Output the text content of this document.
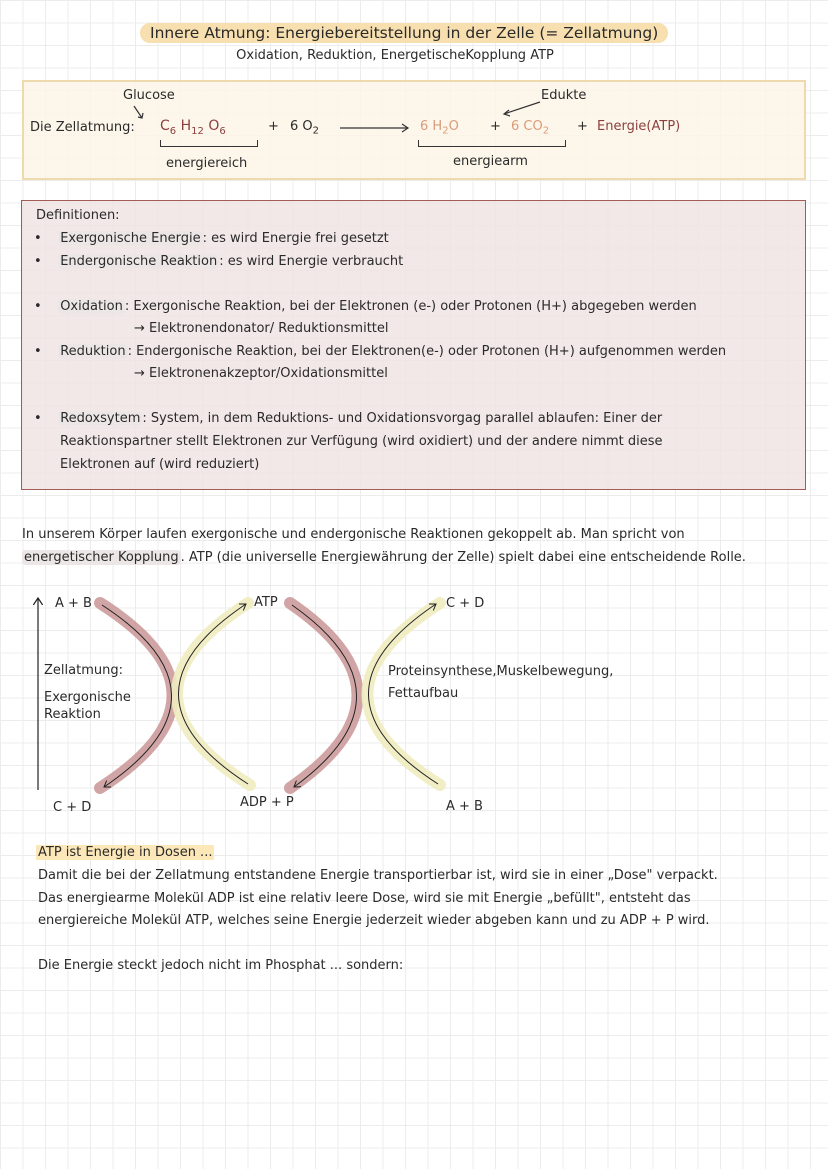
Innere Atmung: Energiebereitstellung in der Zelle (= Zellatmung)
Oxidation, Reduktion, EnergetischeKopplung ATP
Glucose	Edukte
Die Zellatmung: $C_6$ $H_{12}$ $O_6$	+ 6 $O_2$	6 $H_2O + 6$ $CO_2$ + Energie(ATP)
energiereich	energiearm
Definitionen:
•    Exergonische Energie : es wird Energie frei gesetzt
•    Endergonische Reaktion : es wird Energie verbraucht
•    Oxidation : Exergonische Reaktion, bei der Elektronen (e-) oder Protonen (H+) abgegeben werden
→ Elektronendonator/ Reduktionsmittel
•    Reduktion : Endergonische Reaktion, bei der Elektronen(e-) oder Protonen (H+) aufgenommen werden
→ Elektronenakzeptor/Oxidationsmittel
•    Redoxsytem : System, in dem Reduktions- und Oxidationsvorgag parallel ablaufen: Einer der
Reaktionspartner stellt Elektronen zur Verfügung (wird oxidiert) und der andere nimmt diese
Elektronen auf (wird reduziert)
In unserem Körper laufen exergonische und endergonische Reaktionen gekoppelt ab. Man spricht von
energetischer Kopplung . ATP (die universelle Energiewährung der Zelle) spielt dabei eine entscheidende Rolle.
A + B
C + D
Zellatmung:
Exergonische
Reaktion
ATP
ADP + P
C + D
A + B
Proteinsynthese,Muskelbewegung,
Fettaufbau
ATP ist Energie in Dosen ...
Damit die bei der Zellatmung entstandene Energie transportierbar ist, wird sie in einer „Dose" verpackt.
Das energiearme Molekül ADP ist eine relativ leere Dose, wird sie mit Energie „befüllt", entsteht das
energiereiche Molekül ATP, welches seine Energie jederzeit wieder abgeben kann und zu ADP + P wird.
Die Energie steckt jedoch nicht im Phosphat ... sondern:
